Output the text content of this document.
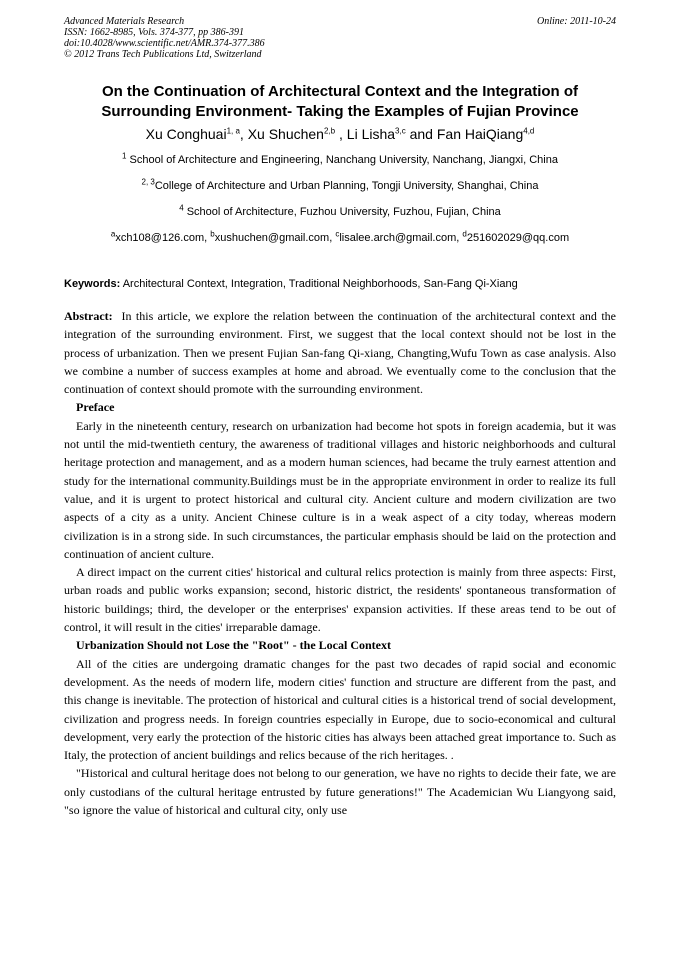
Advanced Materials Research
ISSN: 1662-8985, Vols. 374-377, pp 386-391
doi:10.4028/www.scientific.net/AMR.374-377.386
© 2012 Trans Tech Publications Ltd, Switzerland
Online: 2011-10-24
On the Continuation of Architectural Context and the Integration of
Surrounding Environment- Taking the Examples of Fujian Province
Xu Conghuai$^{1, a}$, Xu Shuchen$^{2,b}$ , Li Lisha$^{3,c}$ and Fan HaiQiang$^{4,d}$
$^1$ School of Architecture and Engineering, Nanchang University, Nanchang, Jiangxi, China
$^{2, 3}$College of Architecture and Urban Planning, Tongji University, Shanghai, China
$^4$ School of Architecture, Fuzhou University, Fuzhou, Fujian, China
$^a$xch108@126.com, $^b$xushuchen@gmail.com, $^c$lisalee.arch@gmail.com, $^d$251602029@qq.com
Keywords: Architectural Context, Integration, Traditional Neighborhoods, San-Fang Qi-Xiang

Abstract:  In this article, we explore the relation between the continuation of the architectural context and the integration of the surrounding environment. First, we suggest that the local context should not be lost in the process of urbanization. Then we present Fujian San-fang Qi-xiang, Changting,Wufu Town as case analysis. Also we combine a number of success examples at home and abroad. We eventually come to the conclusion that the continuation of context should promote with the surrounding environment.

Preface

Early in the nineteenth century, research on urbanization had become hot spots in foreign academia, but it was not until the mid-twentieth century, the awareness of traditional villages and historic neighborhoods and cultural heritage protection and management, and as a modern human sciences, had became the truly earnest attention and study for the international community.Buildings must be in the appropriate environment in order to realize its full value, and it is urgent to protect historical and cultural city. Ancient culture and modern civilization are two aspects of a city as a unity. Ancient Chinese culture is in a weak aspect of a city today, whereas modern civilization is in a strong side. In such circumstances, the particular emphasis should be laid on the protection and continuation of ancient culture.

A direct impact on the current cities' historical and cultural relics protection is mainly from three aspects: First, urban roads and public works expansion; second, historic district, the residents' spontaneous transformation of historic buildings; third, the developer or the enterprises' expansion activities. If these areas tend to be out of control, it will result in the cities' irreparable damage.

Urbanization Should not Lose the "Root" - the Local Context

All of the cities are undergoing dramatic changes for the past two decades of rapid social and economic development. As the needs of modern life, modern cities' function and structure are different from the past, and this change is inevitable. The protection of historical and cultural cities is a historical trend of social development, civilization and progress needs. In foreign countries especially in Europe, due to socio-economical and cultural development, very early the protection of the historic cities has always been attached great importance to. Such as Italy, the protection of ancient buildings and relics because of the rich heritages. .

"Historical and cultural heritage does not belong to our generation, we have no rights to decide their fate, we are only custodians of the cultural heritage entrusted by future generations!" The Academician Wu Liangyong said, "so ignore the value of historical and cultural city, only use
